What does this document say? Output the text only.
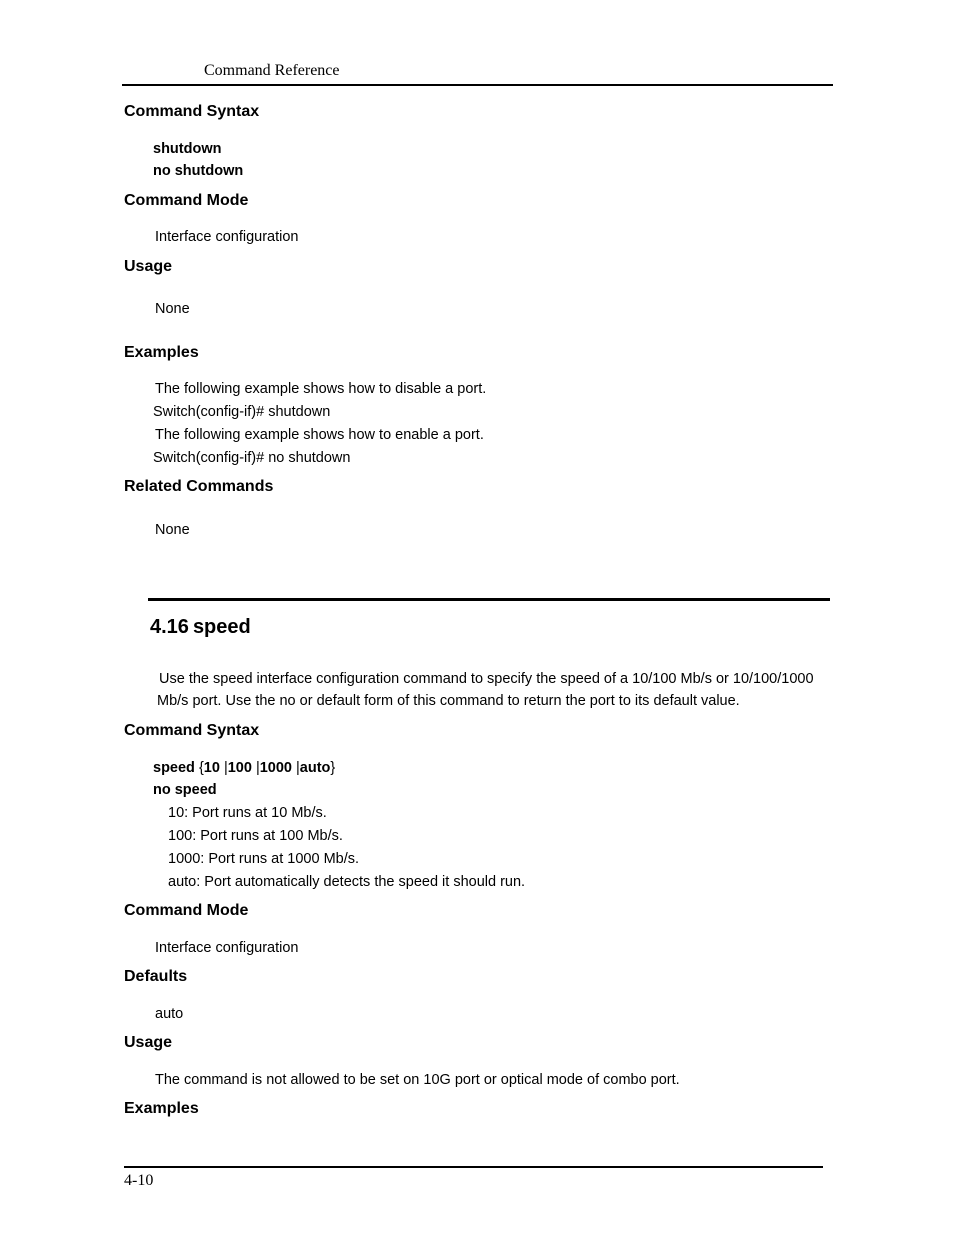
Command Reference
Command Syntax
shutdown
no shutdown
Command Mode
Interface configuration
Usage
None
Examples
The following example shows how to disable a port.
Switch(config-if)# shutdown
The following example shows how to enable a port.
Switch(config-if)# no shutdown
Related Commands
None
4.16 speed
Use the speed interface configuration command to specify the speed of a 10/100 Mb/s or 10/100/1000
Mb/s port. Use the no or default form of this command to return the port to its default value.
Command Syntax
speed {10 |100 |1000 |auto}
no speed
10: Port runs at 10 Mb/s.
100: Port runs at 100 Mb/s.
1000: Port runs at 1000 Mb/s.
auto: Port automatically detects the speed it should run.
Command Mode
Interface configuration
Defaults
auto
Usage
The command is not allowed to be set on 10G port or optical mode of combo port.
Examples
4-10
